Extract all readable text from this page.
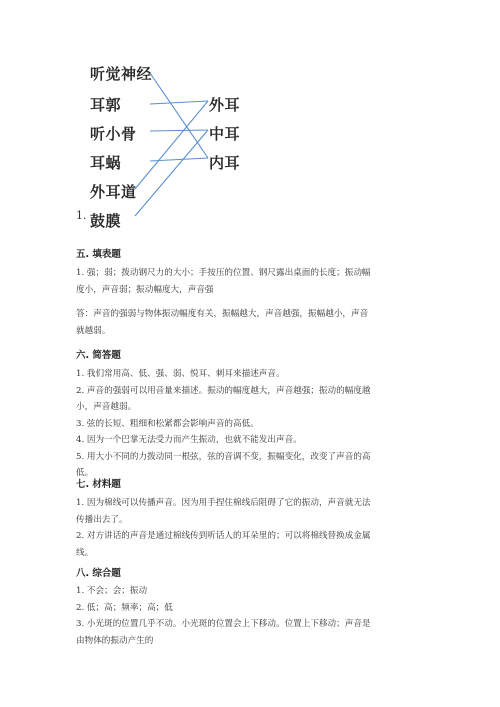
听觉神经
耳郭
听小骨
耳蜗
外耳道
鼓膜
外耳
中耳
内耳
1.
五. 填表题
1. 强；弱；拨动钢尺力的大小；手按压的位置、钢尺露出桌面的长度；振动幅
度小，声音弱；振动幅度大，声音强
答：声音的强弱与物体振动幅度有关，振幅越大，声音越强，振幅越小，声音
就越弱。
六. 简答题
1. 我们常用高、低、强、弱、悦耳、刺耳来描述声音。
2. 声音的强弱可以用音量来描述。振动的幅度越大，声音越强；振动的幅度越
小，声音越弱。
3. 弦的长短、粗细和松紧都会影响声音的高低。
4. 因为一个巴掌无法受力而产生振动，也就不能发出声音。
5. 用大小不同的力拨动同一根弦，弦的音调不变，振幅变化，改变了声音的高
低。
七. 材料题
1. 因为棉线可以传播声音。因为用手捏住棉线后阻碍了它的振动，声音就无法
传播出去了。
2. 对方讲话的声音是通过棉线传到听话人的耳朵里的；可以将棉线替换成金属
线。
八. 综合题
1. 不会；会；振动
2. 低；高；频率；高；低
3. 小光斑的位置几乎不动。小光斑的位置会上下移动。位置上下移动；声音是
由物体的振动产生的
